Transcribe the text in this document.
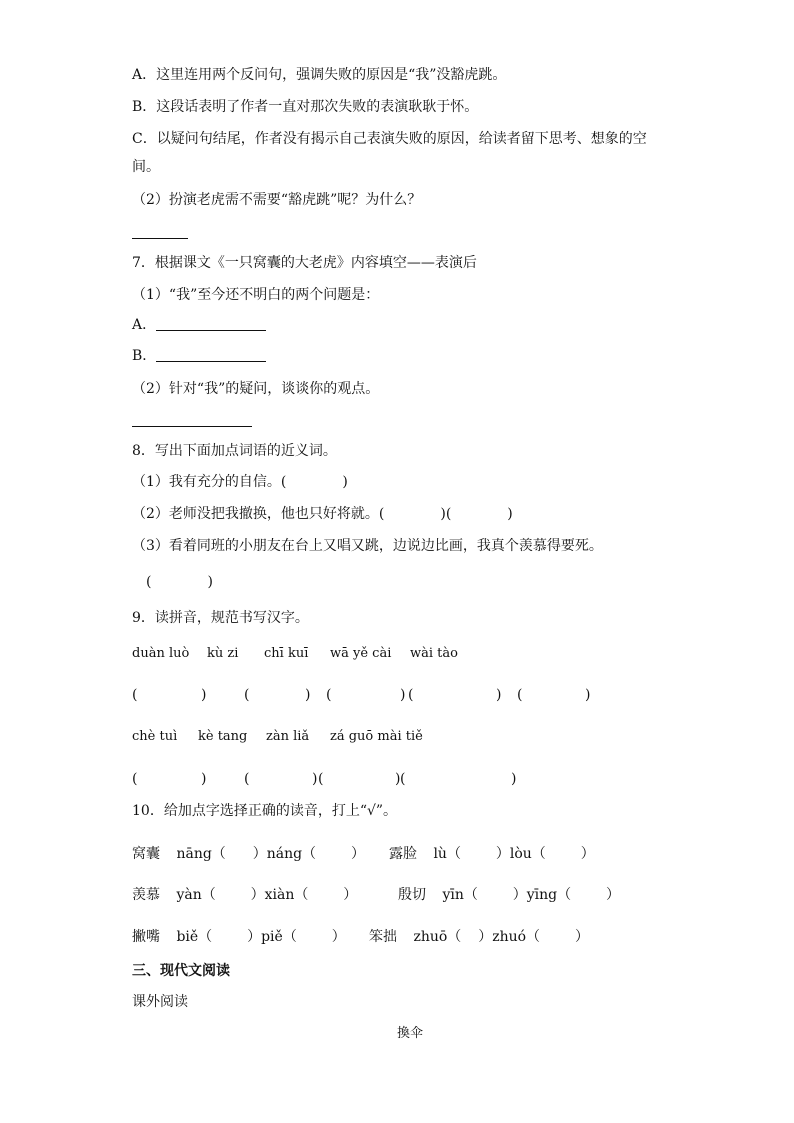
A．这里连用两个反问句，强调失败的原因是“我”没豁虎跳。
B．这段话表明了作者一直对那次失败的表演耿耿于怀。
C．以疑问句结尾，作者没有揭示自己表演失败的原因，给读者留下思考、想象的空
间。
（2）扮演老虎需不需要“豁虎跳”呢？为什么？
7．根据课文《一只窝囊的大老虎》内容填空——表演后
（1）“我”至今还不明白的两个问题是：
A．
B．
（2）针对“我”的疑问，谈谈你的观点。
8．写出下面加点词语的近义词。
（1）我有充分的自信。(　　　　)
（2）老师没把我撤换，他也只好将就。(　　　　)(　　　　)
（3）看着同班的小朋友在台上又唱又跳，边说边比画，我真个羡慕得要死。
(　　　　)
9．读拼音，规范书写汉字。
duàn luò kù zi chī kuī wā yě cài wài tào
(	)	(	) (	) (	) (	)
chè tuì kè tang zàn liǎ zá guō mài tiě
(	)	(	) (	) (	)
10．给加点字选择正确的读音，打上“√”。
窝囊 nāng（ ）náng（ ） 露脸 lù（ ）lòu（ ）
羡慕 yàn（ ）xiàn（ ）	殷切 yīn（ ）yīng（ ）
撇嘴 biě（ ）piě（ ） 笨拙 zhuō（ ）zhuó（ ）
三、现代文阅读
课外阅读
換伞
